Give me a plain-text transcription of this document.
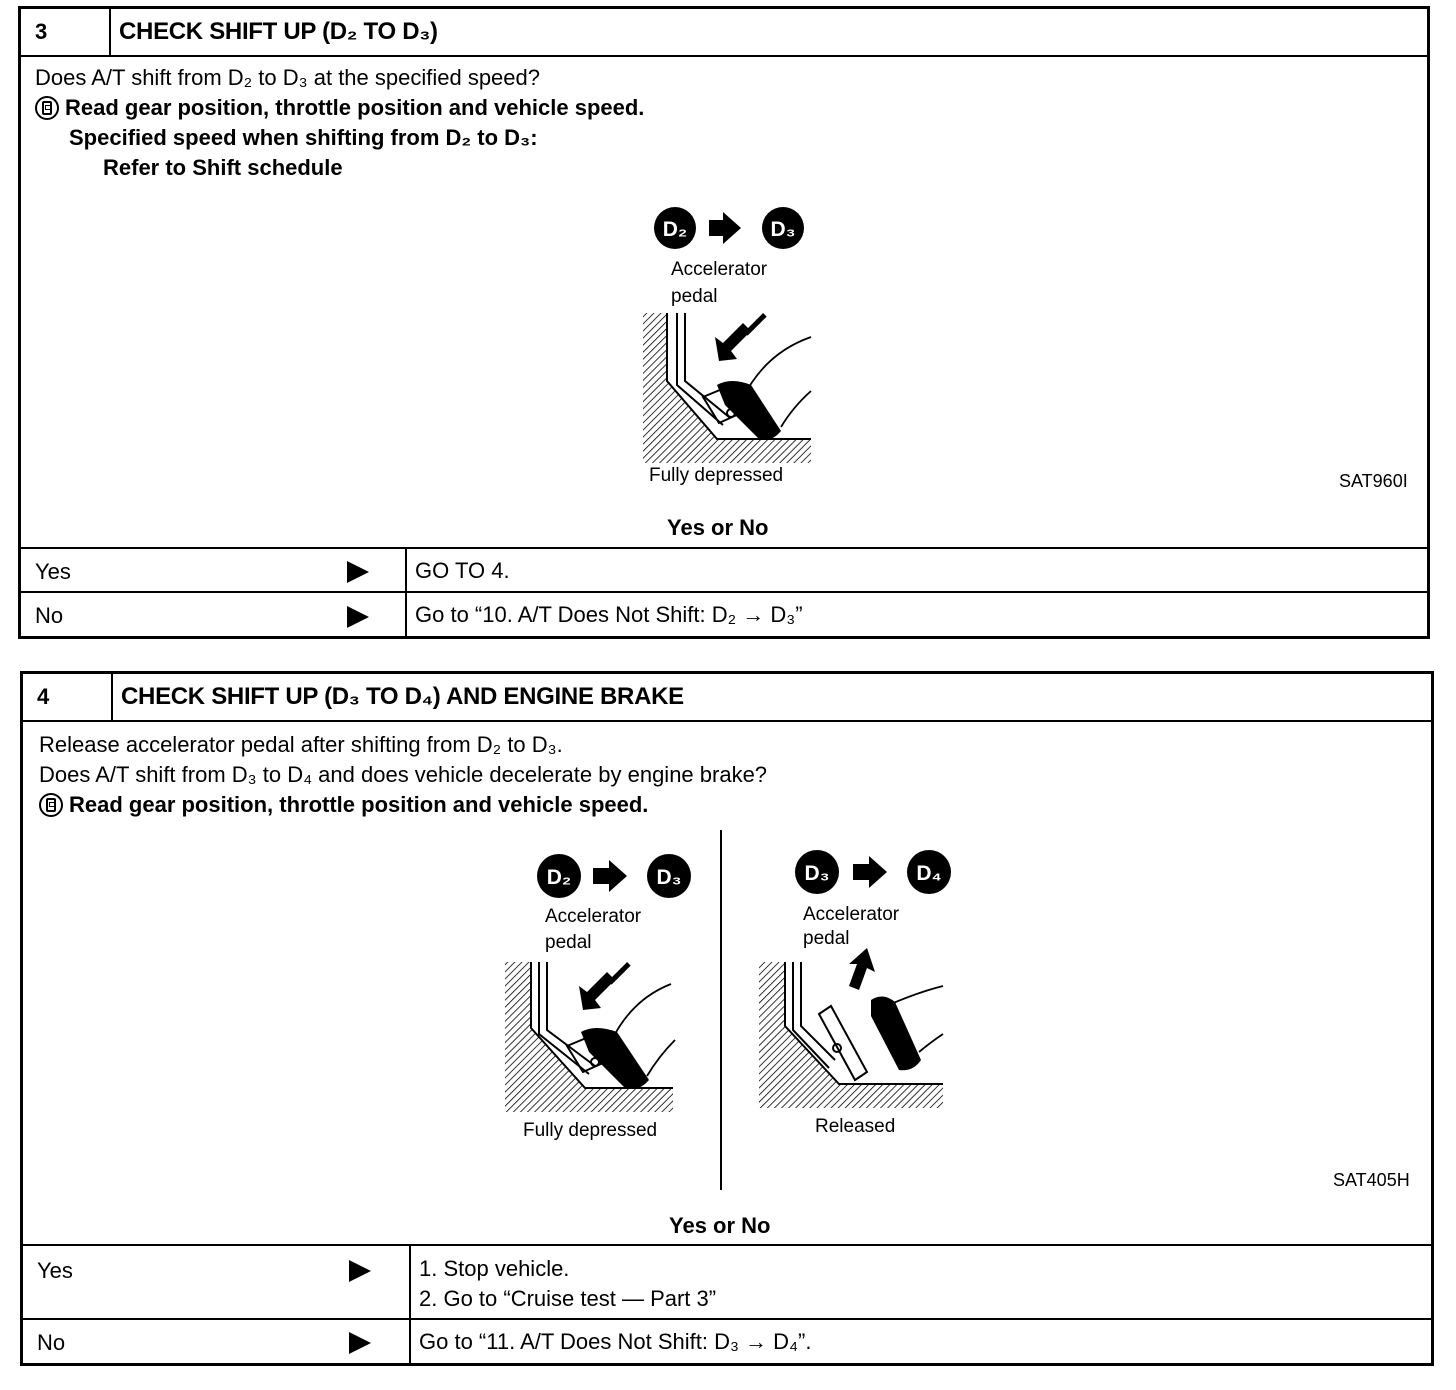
3	CHECK SHIFT UP (D₂ TO D₃)
Does A/T shift from D₂ to D₃ at the specified speed?
Read gear position, throttle position and vehicle speed.
Specified speed when shifting from D₂ to D₃:
Refer to Shift schedule
D₂	D₃
Accelerator
pedal
Fully depressed	SAT960I
Yes or No
Yes	GO TO 4.
No	Go to “10. A/T Does Not Shift: D₂ → D₃”
4	CHECK SHIFT UP (D₃ TO D₄) AND ENGINE BRAKE
Release accelerator pedal after shifting from D₂ to D₃.
Does A/T shift from D₃ to D₄ and does vehicle decelerate by engine brake?
Read gear position, throttle position and vehicle speed.
D₂	D₃
Accelerator
pedal
Fully depressed
D₃	D₄
Accelerator
pedal
Released
SAT405H
Yes or No
Yes	1. Stop vehicle.
2. Go to “Cruise test — Part 3”
No	Go to “11. A/T Does Not Shift: D₃ → D₄”.
